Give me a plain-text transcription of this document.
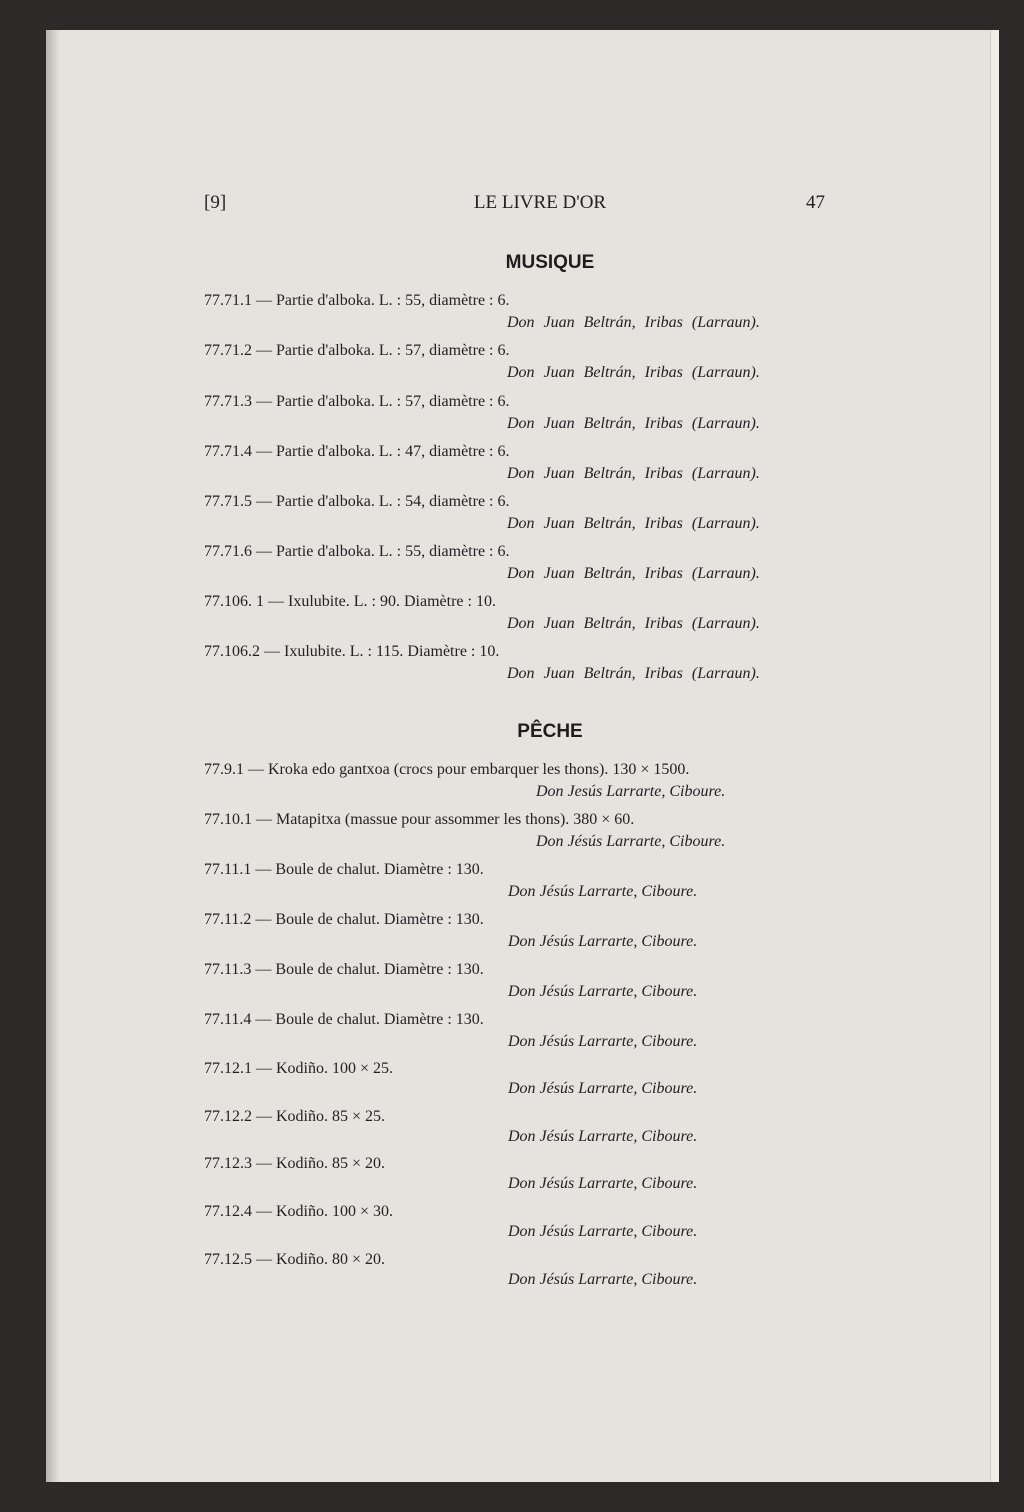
[9]	LE LIVRE D'OR	47
MUSIQUE
77.71.1 — Partie d'alboka. L. : 55, diamètre : 6.
Don Juan Beltrán, Iribas (Larraun).
77.71.2 — Partie d'alboka. L. : 57, diamètre : 6.
Don Juan Beltrán, Iribas (Larraun).
77.71.3 — Partie d'alboka. L. : 57, diamètre : 6.
Don Juan Beltrán, Iribas (Larraun).
77.71.4 — Partie d'alboka. L. : 47, diamètre : 6.
Don Juan Beltrán, Iribas (Larraun).
77.71.5 — Partie d'alboka. L. : 54, diamètre : 6.
Don Juan Beltrán, Iribas (Larraun).
77.71.6 — Partie d'alboka. L. : 55, diamètre : 6.
Don Juan Beltrán, Iribas (Larraun).
77.106. 1 — Ixulubite. L. : 90. Diamètre : 10.
Don Juan Beltrán, Iribas (Larraun).
77.106.2 — Ixulubite. L. : 115. Diamètre : 10.
Don Juan Beltrán, Iribas (Larraun).
PÊCHE
77.9.1 — Kroka edo gantxoa (crocs pour embarquer les thons). 130 × 1500.
Don Jesús Larrarte, Ciboure.
77.10.1 — Matapitxa (massue pour assommer les thons). 380 × 60.
Don Jésús Larrarte, Ciboure.
77.11.1 — Boule de chalut. Diamètre : 130.
Don Jésús Larrarte, Ciboure.
77.11.2 — Boule de chalut. Diamètre : 130.
Don Jésús Larrarte, Ciboure.
77.11.3 — Boule de chalut. Diamètre : 130.
Don Jésús Larrarte, Ciboure.
77.11.4 — Boule de chalut. Diamètre : 130.
Don Jésús Larrarte, Ciboure.
77.12.1 — Kodiño. 100 × 25.
Don Jésús Larrarte, Ciboure.
77.12.2 — Kodiño. 85 × 25.
Don Jésús Larrarte, Ciboure.
77.12.3 — Kodiño. 85 × 20.
Don Jésús Larrarte, Ciboure.
77.12.4 — Kodiño. 100 × 30.
Don Jésús Larrarte, Ciboure.
77.12.5 — Kodiño. 80 × 20.
Don Jésús Larrarte, Ciboure.
